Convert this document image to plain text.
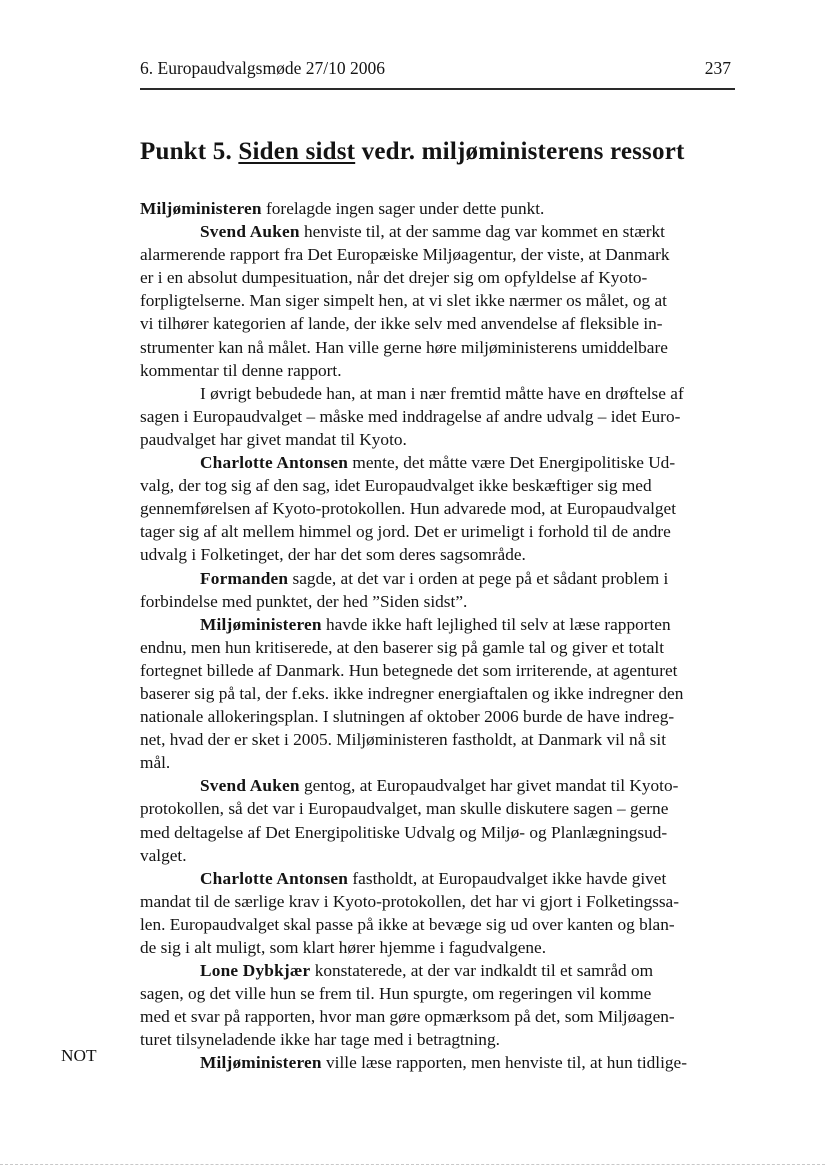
6. Europaudvalgsmøde 27/10 2006	237
Punkt 5. Siden sidst vedr. miljøministerens ressort
Miljøministeren forelagde ingen sager under dette punkt.
Svend Auken henviste til, at der samme dag var kommet en stærkt
alarmerende rapport fra Det Europæiske Miljøagentur, der viste, at Danmark
er i en absolut dumpesituation, når det drejer sig om opfyldelse af Kyoto-
forpligtelserne. Man siger simpelt hen, at vi slet ikke nærmer os målet, og at
vi tilhører kategorien af lande, der ikke selv med anvendelse af fleksible in-
strumenter kan nå målet. Han ville gerne høre miljøministerens umiddelbare
kommentar til denne rapport.
I øvrigt bebudede han, at man i nær fremtid måtte have en drøftelse af
sagen i Europaudvalget – måske med inddragelse af andre udvalg – idet Euro-
paudvalget har givet mandat til Kyoto.
Charlotte Antonsen mente, det måtte være Det Energipolitiske Ud-
valg, der tog sig af den sag, idet Europaudvalget ikke beskæftiger sig med
gennemførelsen af Kyoto-protokollen. Hun advarede mod, at Europaudvalget
tager sig af alt mellem himmel og jord. Det er urimeligt i forhold til de andre
udvalg i Folketinget, der har det som deres sagsområde.
Formanden sagde, at det var i orden at pege på et sådant problem i
forbindelse med punktet, der hed ”Siden sidst”.
Miljøministeren havde ikke haft lejlighed til selv at læse rapporten
endnu, men hun kritiserede, at den baserer sig på gamle tal og giver et totalt
fortegnet billede af Danmark. Hun betegnede det som irriterende, at agenturet
baserer sig på tal, der f.eks. ikke indregner energiaftalen og ikke indregner den
nationale allokeringsplan. I slutningen af oktober 2006 burde de have indreg-
net, hvad der er sket i 2005. Miljøministeren fastholdt, at Danmark vil nå sit
mål.
Svend Auken gentog, at Europaudvalget har givet mandat til Kyoto-
protokollen, så det var i Europaudvalget, man skulle diskutere sagen – gerne
med deltagelse af Det Energipolitiske Udvalg og Miljø- og Planlægningsud-
valget.
Charlotte Antonsen fastholdt, at Europaudvalget ikke havde givet
mandat til de særlige krav i Kyoto-protokollen, det har vi gjort i Folketingssa-
len. Europaudvalget skal passe på ikke at bevæge sig ud over kanten og blan-
de sig i alt muligt, som klart hører hjemme i fagudvalgene.
Lone Dybkjær konstaterede, at der var indkaldt til et samråd om
sagen, og det ville hun se frem til. Hun spurgte, om regeringen vil komme
med et svar på rapporten, hvor man gøre opmærksom på det, som Miljøagen-
turet tilsyneladende ikke har tage med i betragtning.
Miljøministeren ville læse rapporten, men henviste til, at hun tidlige-
NOT
